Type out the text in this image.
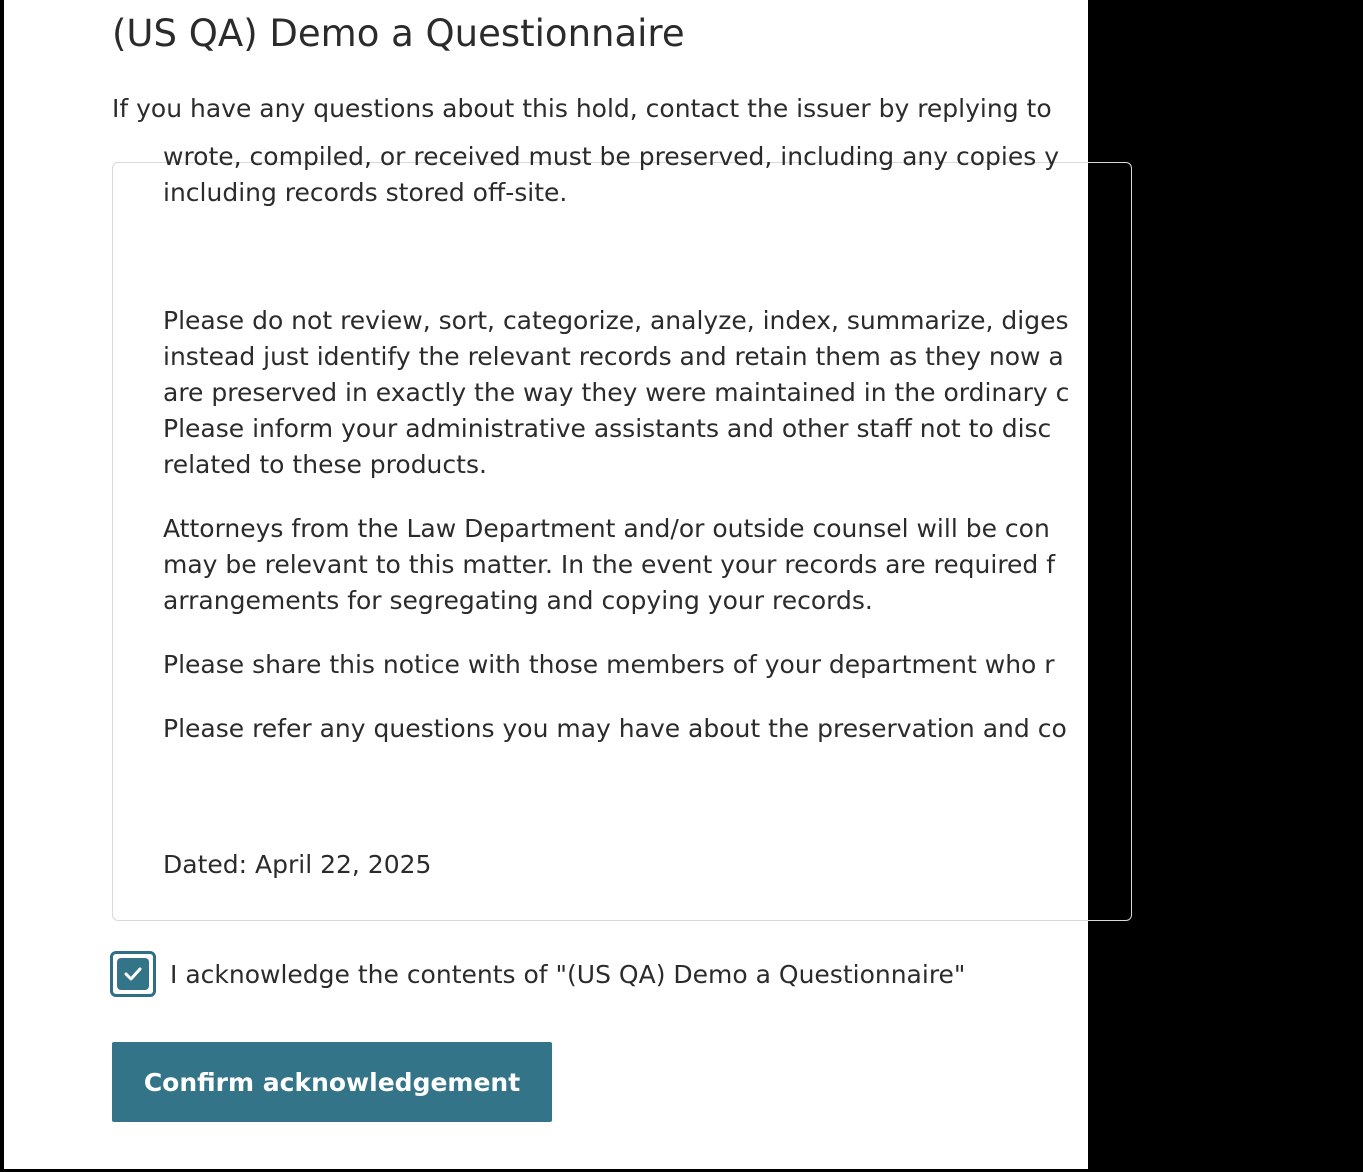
(US QA) Demo a Questionnaire

If you have any questions about this hold, contact the issuer by replying to

wrote, compiled, or received must be preserved, including any copies y

including records stored off-site.

Please do not review, sort, categorize, analyze, index, summarize, diges

instead just identify the relevant records and retain them as they now a

are preserved in exactly the way they were maintained in the ordinary c

Please inform your administrative assistants and other staff not to disc

related to these products.

Attorneys from the Law Department and/or outside counsel will be con

may be relevant to this matter. In the event your records are required f

arrangements for segregating and copying your records.

Please share this notice with those members of your department who r

Please refer any questions you may have about the preservation and co

Dated: April 22, 2025

I acknowledge the contents of "(US QA) Demo a Questionnaire"
Confirm acknowledgement
